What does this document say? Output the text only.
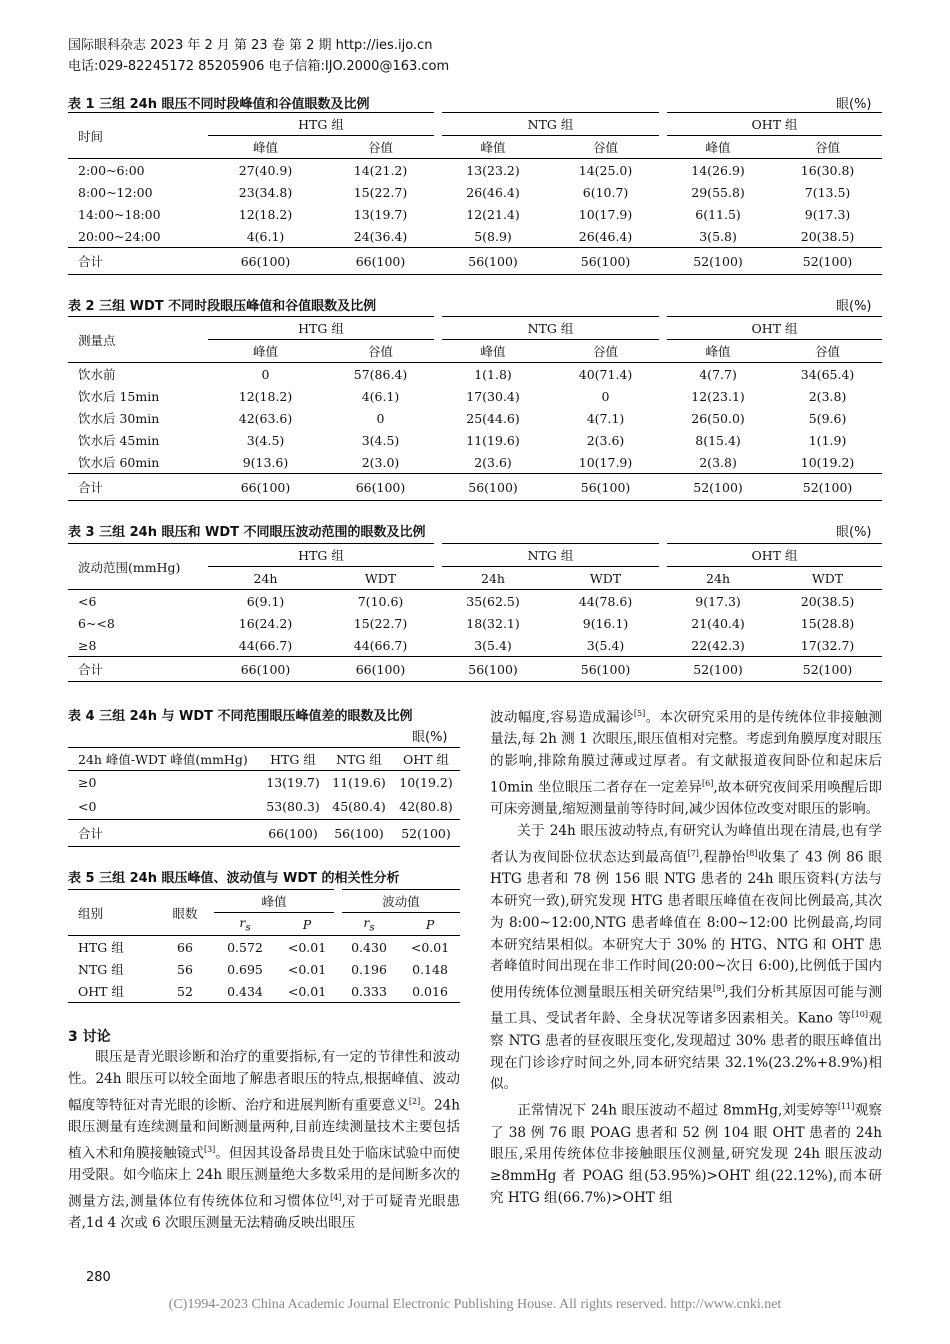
国际眼科杂志 2023 年 2 月 第 23 卷 第 2 期 http://ies.ijo.cn
电话:029-82245172 85205906 电子信箱:IJO.2000@163.com
表 1 三组 24h 眼压不同时段峰值和谷值眼数及比例	眼(%)
时间	HTG 组		NTG 组		OHT 组	
	峰值	谷值	峰值	谷值	峰值	谷值
2:00~6:00	27(40.9)	14(21.2)	13(23.2)	14(25.0)	14(26.9)	16(30.8)
8:00~12:00	23(34.8)	15(22.7)	26(46.4)	6(10.7)	29(55.8)	7(13.5)
14:00~18:00	12(18.2)	13(19.7)	12(21.4)	10(17.9)	6(11.5)	9(17.3)
20:00~24:00	4(6.1)	24(36.4)	5(8.9)	26(46.4)	3(5.8)	20(38.5)
合计	66(100)	66(100)	56(100)	56(100)	52(100)	52(100)
表 2 三组 WDT 不同时段眼压峰值和谷值眼数及比例	眼(%)
测量点	HTG 组		NTG 组		OHT 组	
	峰值	谷值	峰值	谷值	峰值	谷值
饮水前	0	57(86.4)	1(1.8)	40(71.4)	4(7.7)	34(65.4)
饮水后 15min	12(18.2)	4(6.1)	17(30.4)	0	12(23.1)	2(3.8)
饮水后 30min	42(63.6)	0	25(44.6)	4(7.1)	26(50.0)	5(9.6)
饮水后 45min	3(4.5)	3(4.5)	11(19.6)	2(3.6)	8(15.4)	1(1.9)
饮水后 60min	9(13.6)	2(3.0)	2(3.6)	10(17.9)	2(3.8)	10(19.2)
合计	66(100)	66(100)	56(100)	56(100)	52(100)	52(100)
表 3 三组 24h 眼压和 WDT 不同眼压波动范围的眼数及比例	眼(%)
波动范围(mmHg)	HTG 组		NTG 组		OHT 组	
	24h	WDT	24h	WDT	24h	WDT
<6	6(9.1)	7(10.6)	35(62.5)	44(78.6)	9(17.3)	20(38.5)
6~<8	16(24.2)	15(22.7)	18(32.1)	9(16.1)	21(40.4)	15(28.8)
≥8	44(66.7)	44(66.7)	3(5.4)	3(5.4)	22(42.3)	17(32.7)
合计	66(100)	66(100)	56(100)	56(100)	52(100)	52(100)
表 4 三组 24h 与 WDT 不同范围眼压峰值差的眼数及比例
眼(%)
24h 峰值-WDT 峰值(mmHg)	HTG 组	NTG 组	OHT 组
≥0	13(19.7)	11(19.6)	10(19.2)
<0	53(80.3)	45(80.4)	42(80.8)
合计	66(100)	56(100)	52(100)
表 5 三组 24h 眼压峰值、波动值与 WDT 的相关性分析
组别	眼数	峰值		波动值	
		$r_s$	P	$r_s$	P
HTG 组	66	0.572	<0.01	0.430	<0.01
NTG 组	56	0.695	<0.01	0.196	0.148
OHT 组	52	0.434	<0.01	0.333	0.016
3 讨论

眼压是青光眼诊断和治疗的重要指标,有一定的节律性和波动性。24h 眼压可以较全面地了解患者眼压的特点,根据峰值、波动幅度等特征对青光眼的诊断、治疗和进展判断有重要意义[2]。24h 眼压测量有连续测量和间断测量两种,目前连续测量技术主要包括植入术和角膜接触镜式[3]。但因其设备昂贵且处于临床试验中而使用受限。如今临床上 24h 眼压测量绝大多数采用的是间断多次的测量方法,测量体位有传统体位和习惯体位[4],对于可疑青光眼患者,1d 4 次或 6 次眼压测量无法精确反映出眼压

波动幅度,容易造成漏诊[5]。本次研究采用的是传统体位非接触测量法,每 2h 测 1 次眼压,眼压值相对完整。考虑到角膜厚度对眼压的影响,排除角膜过薄或过厚者。有文献报道夜间卧位和起床后 10min 坐位眼压二者存在一定差异[6],故本研究夜间采用唤醒后即可床旁测量,缩短测量前等待时间,减少因体位改变对眼压的影响。

关于 24h 眼压波动特点,有研究认为峰值出现在清晨,也有学者认为夜间卧位状态达到最高值[7],程静怡[8]收集了 43 例 86 眼 HTG 患者和 78 例 156 眼 NTG 患者的 24h 眼压资料(方法与本研究一致),研究发现 HTG 患者眼压峰值在夜间比例最高,其次为 8:00~12:00,NTG 患者峰值在 8:00~12:00 比例最高,均同本研究结果相似。本研究大于 30% 的 HTG、NTG 和 OHT 患者峰值时间出现在非工作时间(20:00~次日 6:00),比例低于国内使用传统体位测量眼压相关研究结果[9],我们分析其原因可能与测量工具、受试者年龄、全身状况等诸多因素相关。Kano 等[10]观察 NTG 患者的昼夜眼压变化,发现超过 30% 患者的眼压峰值出现在门诊诊疗时间之外,同本研究结果 32.1%(23.2%+8.9%)相似。

正常情况下 24h 眼压波动不超过 8mmHg,刘雯婷等[11]观察了 38 例 76 眼 POAG 患者和 52 例 104 眼 OHT 患者的 24h 眼压,采用传统体位非接触眼压仪测量,研究发现 24h 眼压波动≥8mmHg 者 POAG 组(53.95%)>OHT 组(22.12%),而本研究 HTG 组(66.7%)>OHT 组

280
(C)1994-2023 China Academic Journal Electronic Publishing House. All rights reserved. http://www.cnki.net
